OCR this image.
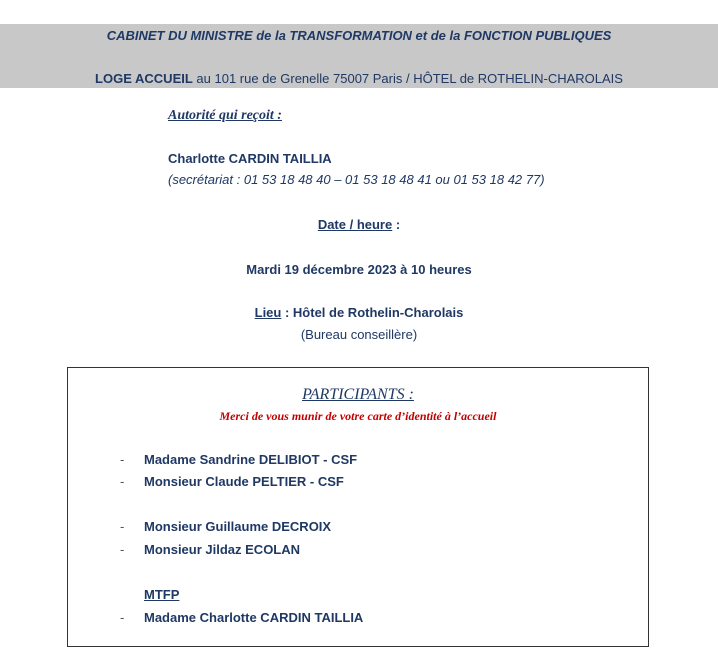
CABINET DU MINISTRE de la TRANSFORMATION et de la FONCTION PUBLIQUES
LOGE ACCUEIL au 101 rue de Grenelle 75007 Paris / HÔTEL de ROTHELIN-CHAROLAIS
Autorité qui reçoit :
Charlotte CARDIN TAILLIA
(secrétariat : 01 53 18 48 40 – 01 53 18 48 41 ou 01 53 18 42 77)
Date / heure :
Mardi 19 décembre 2023 à 10 heures
Lieu : Hôtel de Rothelin-Charolais
(Bureau conseillère)
PARTICIPANTS :
Merci de vous munir de votre carte d’identité à l’accueil
- Madame Sandrine DELIBIOT - CSF
- Monsieur Claude PELTIER - CSF
- Monsieur Guillaume DECROIX
- Monsieur Jildaz ECOLAN
MTFP
- Madame Charlotte CARDIN TAILLIA
